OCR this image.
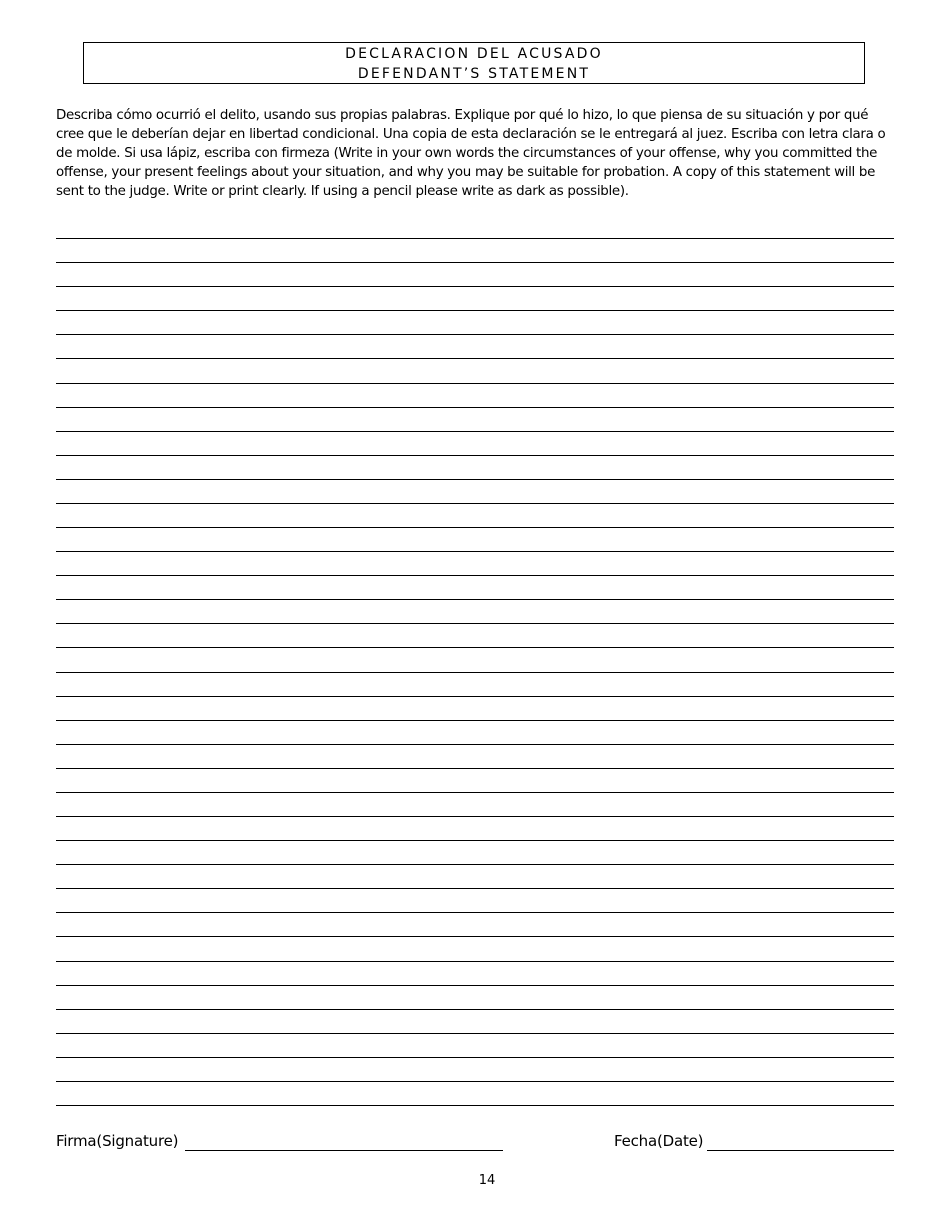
DECLARACION DEL ACUSADO
DEFENDANT’S STATEMENT

Describa cómo ocurrió el delito, usando sus propias palabras. Explique por qué lo hizo, lo que piensa de su situación y por qué cree que le deberían dejar en libertad condicional. Una copia de esta declaración se le entregará al juez. Escriba con letra clara o de molde. Si usa lápiz, escriba con firmeza (Write in your own words the circumstances of your offense, why you committed the offense, your present feelings about your situation, and why you may be suitable for probation. A copy of this statement will be sent to the judge. Write or print clearly. If using a pencil please write as dark as possible).

Firma(Signature)	Fecha(Date)
14
